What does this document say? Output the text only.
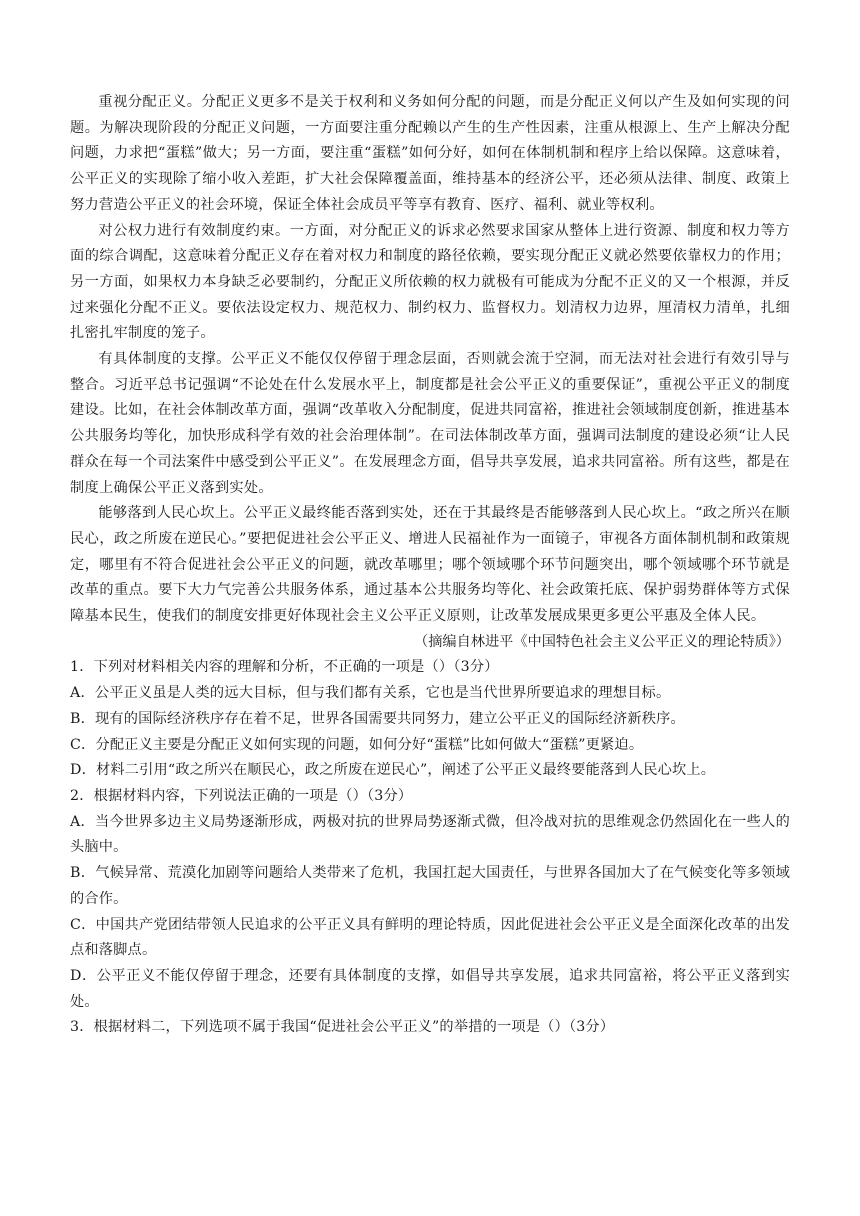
重视分配正义。分配正义更多不是关于权利和义务如何分配的问题，而是分配正义何以产生及如何实现的问题。为解决现阶段的分配正义问题，一方面要注重分配赖以产生的生产性因素，注重从根源上、生产上解决分配问题，力求把“蛋糕”做大；另一方面，要注重“蛋糕”如何分好，如何在体制机制和程序上给以保障。这意味着，公平正义的实现除了缩小收入差距，扩大社会保障覆盖面，维持基本的经济公平，还必须从法律、制度、政策上努力营造公平正义的社会环境，保证全体社会成员平等享有教育、医疗、福利、就业等权利。

对公权力进行有效制度约束。一方面，对分配正义的诉求必然要求国家从整体上进行资源、制度和权力等方面的综合调配，这意味着分配正义存在着对权力和制度的路径依赖，要实现分配正义就必然要依靠权力的作用；另一方面，如果权力本身缺乏必要制约，分配正义所依赖的权力就极有可能成为分配不正义的又一个根源，并反过来强化分配不正义。要依法设定权力、规范权力、制约权力、监督权力。划清权力边界，厘清权力清单，扎细扎密扎牢制度的笼子。

有具体制度的支撑。公平正义不能仅仅停留于理念层面，否则就会流于空洞，而无法对社会进行有效引导与整合。习近平总书记强调“不论处在什么发展水平上，制度都是社会公平正义的重要保证”，重视公平正义的制度建设。比如，在社会体制改革方面，强调“改革收入分配制度，促进共同富裕，推进社会领域制度创新，推进基本公共服务均等化，加快形成科学有效的社会治理体制”。在司法体制改革方面，强调司法制度的建设必须“让人民群众在每一个司法案件中感受到公平正义”。在发展理念方面，倡导共享发展，追求共同富裕。所有这些，都是在制度上确保公平正义落到实处。

能够落到人民心坎上。公平正义最终能否落到实处，还在于其最终是否能够落到人民心坎上。“政之所兴在顺民心，政之所废在逆民心。”要把促进社会公平正义、增进人民福祉作为一面镜子，审视各方面体制机制和政策规定，哪里有不符合促进社会公平正义的问题，就改革哪里；哪个领域哪个环节问题突出，哪个领域哪个环节就是改革的重点。要下大力气完善公共服务体系，通过基本公共服务均等化、社会政策托底、保护弱势群体等方式保障基本民生，使我们的制度安排更好体现社会主义公平正义原则，让改革发展成果更多更公平惠及全体人民。

（摘编自林进平《中国特色社会主义公平正义的理论特质》）

1．下列对材料相关内容的理解和分析，不正确的一项是（）（3分）

A．公平正义虽是人类的远大目标，但与我们都有关系，它也是当代世界所要追求的理想目标。

B．现有的国际经济秩序存在着不足，世界各国需要共同努力，建立公平正义的国际经济新秩序。

C．分配正义主要是分配正义如何实现的问题，如何分好“蛋糕”比如何做大“蛋糕”更紧迫。

D．材料二引用“政之所兴在顺民心，政之所废在逆民心”，阐述了公平正义最终要能落到人民心坎上。

2．根据材料内容，下列说法正确的一项是（）（3分）

A．当今世界多边主义局势逐渐形成，两极对抗的世界局势逐渐式微，但冷战对抗的思维观念仍然固化在一些人的头脑中。

B．气候异常、荒漠化加剧等问题给人类带来了危机，我国扛起大国责任，与世界各国加大了在气候变化等多领域的合作。

C．中国共产党团结带领人民追求的公平正义具有鲜明的理论特质，因此促进社会公平正义是全面深化改革的出发点和落脚点。

D．公平正义不能仅停留于理念，还要有具体制度的支撑，如倡导共享发展，追求共同富裕，将公平正义落到实处。

3．根据材料二，下列选项不属于我国“促进社会公平正义”的举措的一项是（）（3分）
